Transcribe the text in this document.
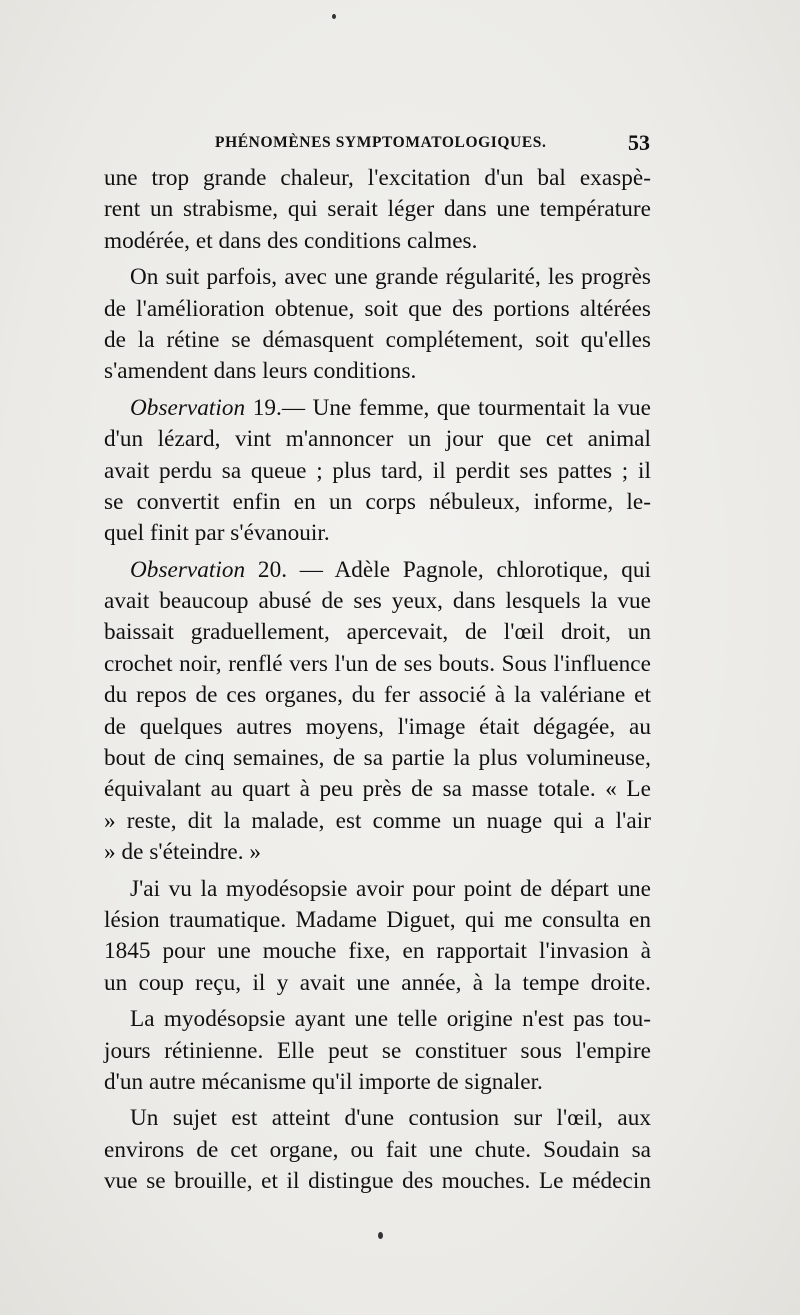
PHÉNOMÈNES SYMPTOMATOLOGIQUES.	53

une trop grande chaleur, l'excitation d'un bal exaspè-
rent un strabisme, qui serait léger dans une température
modérée, et dans des conditions calmes.

On suit parfois, avec une grande régularité, les progrès
de l'amélioration obtenue, soit que des portions altérées
de la rétine se démasquent complétement, soit qu'elles
s'amendent dans leurs conditions.

Observation 19.— Une femme, que tourmentait la vue
d'un lézard, vint m'annoncer un jour que cet animal
avait perdu sa queue ; plus tard, il perdit ses pattes ; il
se convertit enfin en un corps nébuleux, informe, le-
quel finit par s'évanouir.

Observation 20. — Adèle Pagnole, chlorotique, qui
avait beaucoup abusé de ses yeux, dans lesquels la vue
baissait graduellement, apercevait, de l'œil droit, un
crochet noir, renflé vers l'un de ses bouts. Sous l'influence
du repos de ces organes, du fer associé à la valériane et
de quelques autres moyens, l'image était dégagée, au
bout de cinq semaines, de sa partie la plus volumineuse,
équivalant au quart à peu près de sa masse totale. « Le
» reste, dit la malade, est comme un nuage qui a l'air
» de s'éteindre. »

J'ai vu la myodésopsie avoir pour point de départ une
lésion traumatique. Madame Diguet, qui me consulta en
1845 pour une mouche fixe, en rapportait l'invasion à
un coup reçu, il y avait une année, à la tempe droite.

La myodésopsie ayant une telle origine n'est pas tou-
jours rétinienne. Elle peut se constituer sous l'empire
d'un autre mécanisme qu'il importe de signaler.

Un sujet est atteint d'une contusion sur l'œil, aux
environs de cet organe, ou fait une chute. Soudain sa
vue se brouille, et il distingue des mouches. Le médecin
